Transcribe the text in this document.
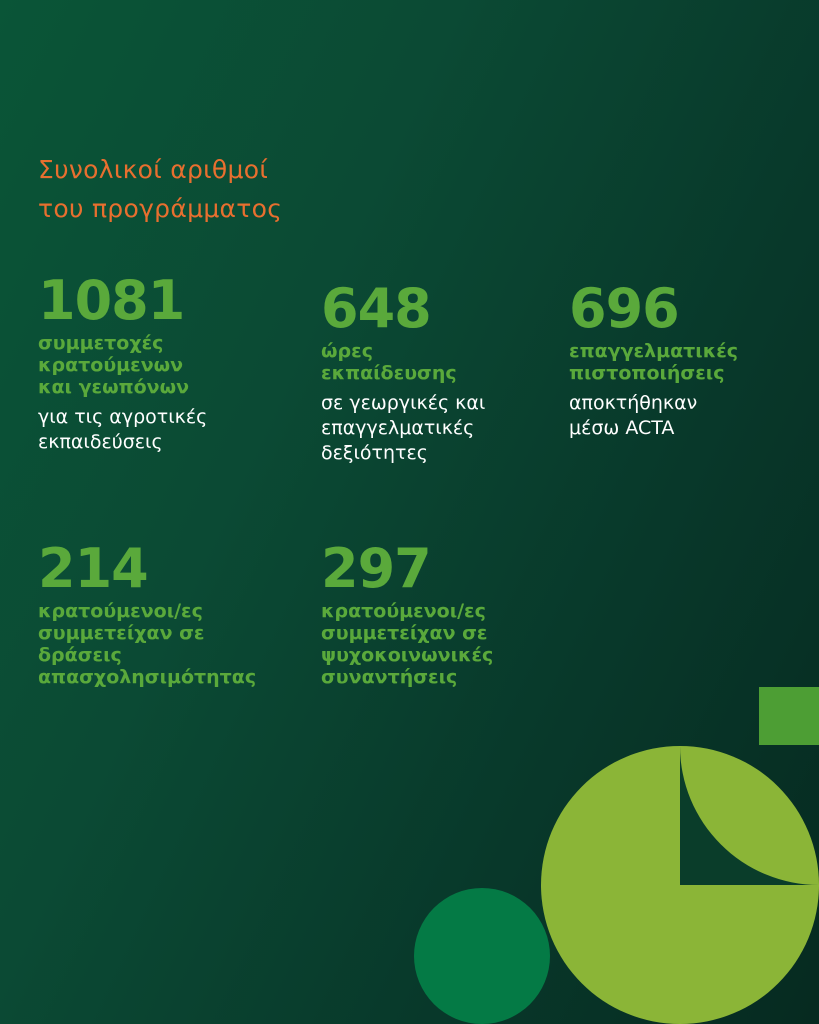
Συνολικοί αριθμοί
του προγράμματος
1081
συμμετοχές
κρατούμενων
και γεωπόνων
για τις αγροτικές
εκπαιδεύσεις
648
ώρες
εκπαίδευσης
σε γεωργικές και
επαγγελματικές
δεξιότητες
696
επαγγελματικές
πιστοποιήσεις
αποκτήθηκαν
μέσω ACTA
214
κρατούμενοι/ες
συμμετείχαν σε
δράσεις
απασχολησιμότητας
297
κρατούμενοι/ες
συμμετείχαν σε
ψυχοκοινωνικές
συναντήσεις
